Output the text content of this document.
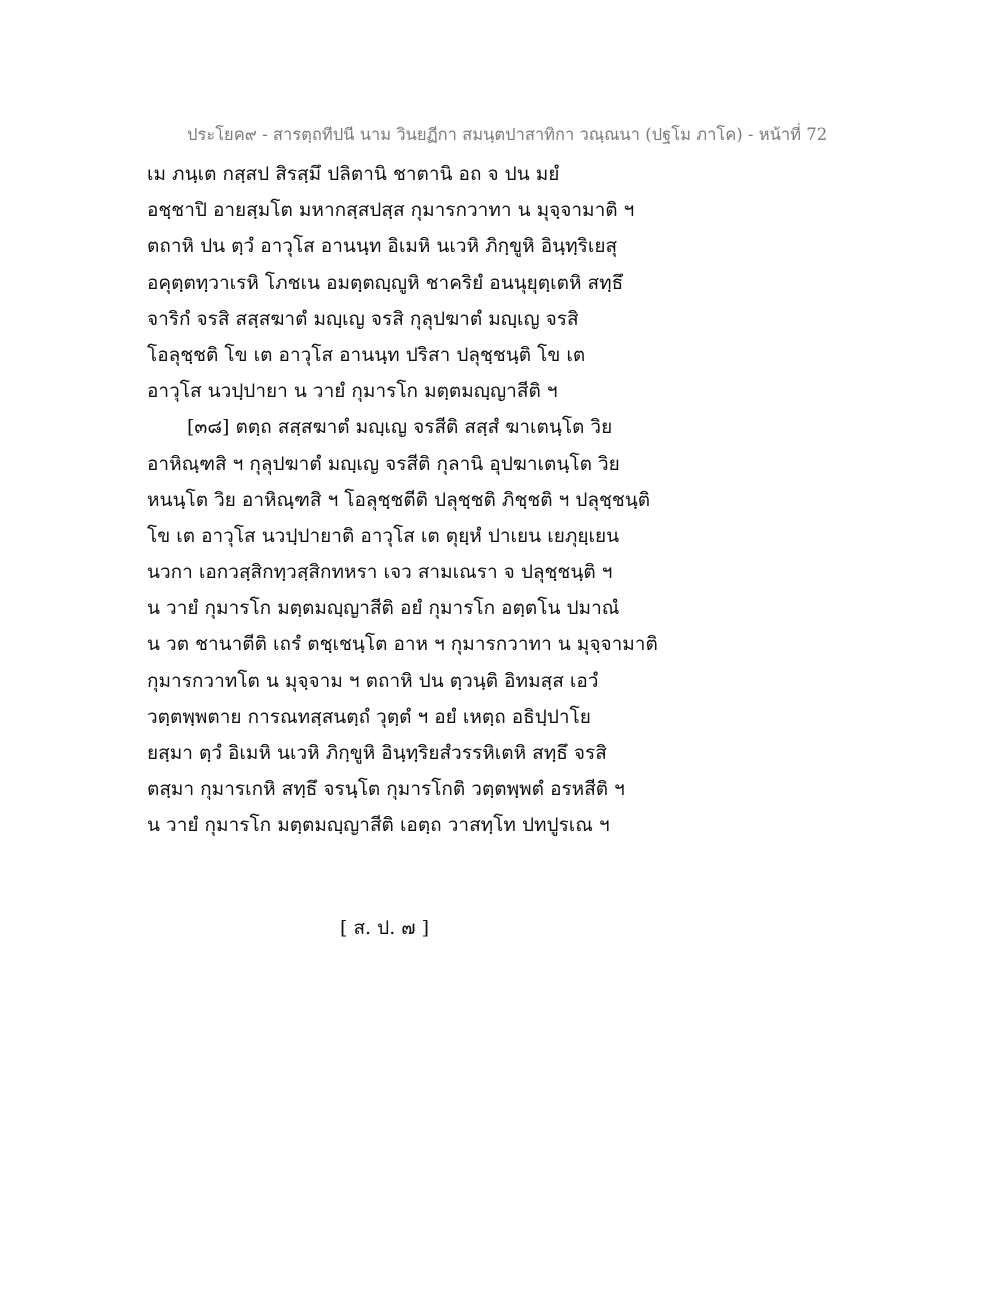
ประโยค๙ - สารตฺถทีปนี นาม วินยฏีกา สมนฺตปาสาทิกา วณฺณนา (ปฐโม ภาโค) - หน้าที่ 72
เม ภนฺเต กสฺสป สิรสฺมึ ปลิตานิ ชาตานิ อถ จ ปน มยํ
อชฺชาปิ อายสฺมโต มหากสฺสปสฺส กุมารกวาทา น มุจฺจามาติ ฯ
ตถาหิ ปน ตฺวํ อาวุโส อานนฺท อิเมหิ นเวหิ ภิกฺขูหิ อินฺทฺริเยสุ
อคุตฺตทฺวาเรหิ โภชเน อมตฺตญฺญูหิ ชาคริยํ อนนุยุตฺเตหิ สทฺธึ
จาริกํ จรสิ สสฺสฆาตํ มญฺเญ จรสิ กุลุปฆาตํ มญฺเญ จรสิ
โอลุชฺชติ โข เต อาวุโส อานนฺท ปริสา ปลุชฺชนฺติ โข เต
อาวุโส นวปฺปายา น วายํ กุมารโก มตฺตมญฺญาสีติ ฯ
[๓๘] ตตฺถ สสฺสฆาตํ มญฺเญ จรสีติ สสฺสํ ฆาเตนฺโต วิย
อาหิณฺฑสิ ฯ กุลุปฆาตํ มญฺเญ จรสีติ กุลานิ อุปฆาเตนฺโต วิย
หนนฺโต วิย อาหิณฺฑสิ ฯ โอลุชฺชตีติ ปลุชฺชติ ภิชฺชติ ฯ ปลุชฺชนฺติ
โข เต อาวุโส นวปฺปายาติ อาวุโส เต ตุยฺหํ ปาเยน เยภุยฺเยน
นวกา เอกวสฺสิกทฺวสฺสิกทหรา เจว สามเณรา จ ปลุชฺชนฺติ ฯ
น วายํ กุมารโก มตฺตมญฺญาสีติ อยํ กุมารโก อตฺตโน ปมาณํ
น วต ชานาตีติ เถรํ ตชฺเชนฺโต อาห ฯ กุมารกวาทา น มุจฺจามาติ
กุมารกวาทโต น มุจฺจาม ฯ ตถาหิ ปน ตฺวนฺติ อิทมสฺส เอวํ
วตฺตพฺพตาย การณทสฺสนตฺถํ วุตฺตํ ฯ อยํ เหตฺถ อธิปฺปาโย
ยสฺมา ตฺวํ อิเมหิ นเวหิ ภิกฺขูหิ อินฺทฺริยสํวรรหิเตหิ สทฺธึ จรสิ
ตสฺมา กุมารเกหิ สทฺธึ จรนฺโต กุมารโกติ วตฺตพฺพตํ อรหสีติ ฯ
น วายํ กุมารโก มตฺตมญฺญาสีติ เอตฺถ วาสทฺโท ปทปูรเณ ฯ
[ ส. ป. ๗ ]
